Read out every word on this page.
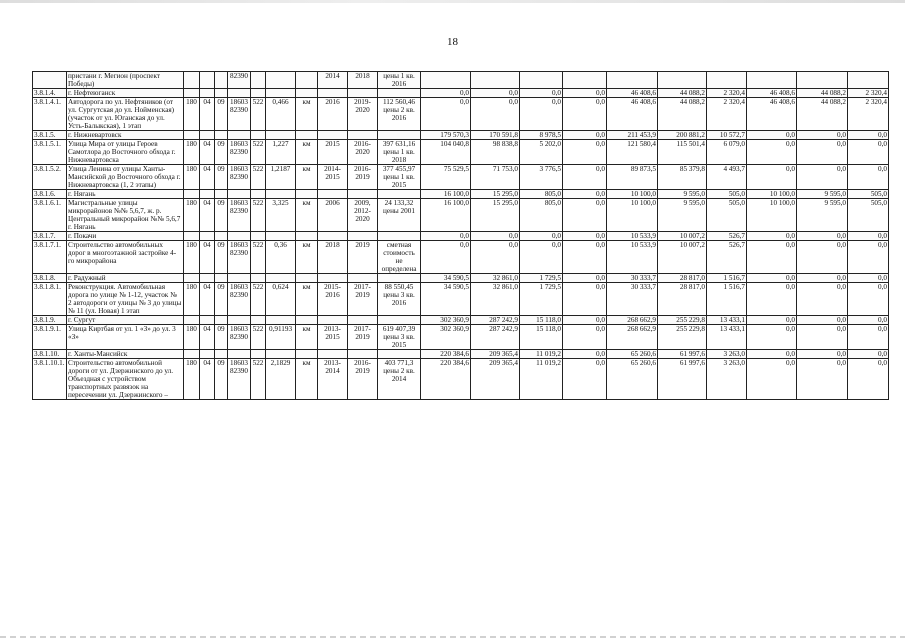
18
	пристани г. Мегион (проспект Победы)				82390				2014	2018	цены 1 кв. 2016										
3.8.1.4.	г. Нефтеюганск											0,0	0,0	0,0	0,0	46 408,6	44 088,2	2 320,4	46 408,6	44 088,2	2 320,4
3.8.1.4.1.	Автодорога по ул. Нефтяников (от ул. Сургутская до ул. Нойменская) (участок от ул. Юганская до ул. Усть-Балыкская), 1 этап	180	04	09	18603 82390	522	0,466	км	2016	2019-2020	112 560,46 цены 2 кв. 2016	0,0	0,0	0,0	0,0	46 408,6	44 088,2	2 320,4	46 408,6	44 088,2	2 320,4
3.8.1.5.	г. Нижневартовск											179 570,3	170 591,8	8 978,5	0,0	211 453,9	200 881,2	10 572,7	0,0	0,0	0,0
3.8.1.5.1.	Улица Мира от улицы Героев Самотлора до Восточного обхода г. Нижневартовска	180	04	09	18603 82390	522	1,227	км	2015	2016-2020	397 631,16 цены 1 кв. 2018	104 040,8	98 838,8	5 202,0	0,0	121 580,4	115 501,4	6 079,0	0,0	0,0	0,0
3.8.1.5.2.	Улица Ленина от улицы Ханты-Мансийской до Восточного обхода г. Нижневартовска (1, 2 этапы)	180	04	09	18603 82390	522	1,2187	км	2014-2015	2016-2019	377 455,97 цены 1 кв. 2015	75 529,5	71 753,0	3 776,5	0,0	89 873,5	85 379,8	4 493,7	0,0	0,0	0,0
3.8.1.6.	г. Нягань											16 100,0	15 295,0	805,0	0,0	10 100,0	9 595,0	505,0	10 100,0	9 595,0	505,0
3.8.1.6.1.	Магистральные улицы микрорайонов №№ 5,6,7, ж. р. Центральный микрорайон №№ 5,6,7 г. Нягань	180	04	09	18603 82390	522	3,325	км	2006	2009, 2012-2020	24 133,32 цены 2001	16 100,0	15 295,0	805,0	0,0	10 100,0	9 595,0	505,0	10 100,0	9 595,0	505,0
3.8.1.7.	г. Покачи											0,0	0,0	0,0	0,0	10 533,9	10 007,2	526,7	0,0	0,0	0,0
3.8.1.7.1.	Строительство автомобильных дорог в многоэтажной застройке 4-го микрорайона	180	04	09	18603 82390	522	0,36	км	2018	2019	сметная стоимость не определена	0,0	0,0	0,0	0,0	10 533,9	10 007,2	526,7	0,0	0,0	0,0
3.8.1.8.	г. Радужный											34 590,5	32 861,0	1 729,5	0,0	30 333,7	28 817,0	1 516,7	0,0	0,0	0,0
3.8.1.8.1.	Реконструкция. Автомобильная дорога по улице № 1-12, участок № 2 автодороги от улицы № 3 до улицы № 11 (ул. Новая) 1 этап	180	04	09	18603 82390	522	0,624	км	2015-2016	2017-2019	88 550,45 цены 3 кв. 2016	34 590,5	32 861,0	1 729,5	0,0	30 333,7	28 817,0	1 516,7	0,0	0,0	0,0
3.8.1.9.	г. Сургут											302 360,9	287 242,9	15 118,0	0,0	268 662,9	255 229,8	13 433,1	0,0	0,0	0,0
3.8.1.9.1.	Улица Киртбая от ул. 1 «З» до ул. 3 «З»	180	04	09	18603 82390	522	0,91193	км	2013-2015	2017-2019	619 407,39 цены 3 кв. 2015	302 360,9	287 242,9	15 118,0	0,0	268 662,9	255 229,8	13 433,1	0,0	0,0	0,0
3.8.1.10.	г. Ханты-Мансийск											220 384,6	209 365,4	11 019,2	0,0	65 260,6	61 997,6	3 263,0	0,0	0,0	0,0
3.8.1.10.1.	Строительство автомобильной дороги от ул. Дзержинского до ул. Объездная с устройством транспортных развязок на пересечении ул. Дзержинского –	180	04	09	18603 82390	522	2,1829	км	2013-2014	2016-2019	403 771,3 цены 2 кв. 2014	220 384,6	209 365,4	11 019,2	0,0	65 260,6	61 997,6	3 263,0	0,0	0,0	0,0
